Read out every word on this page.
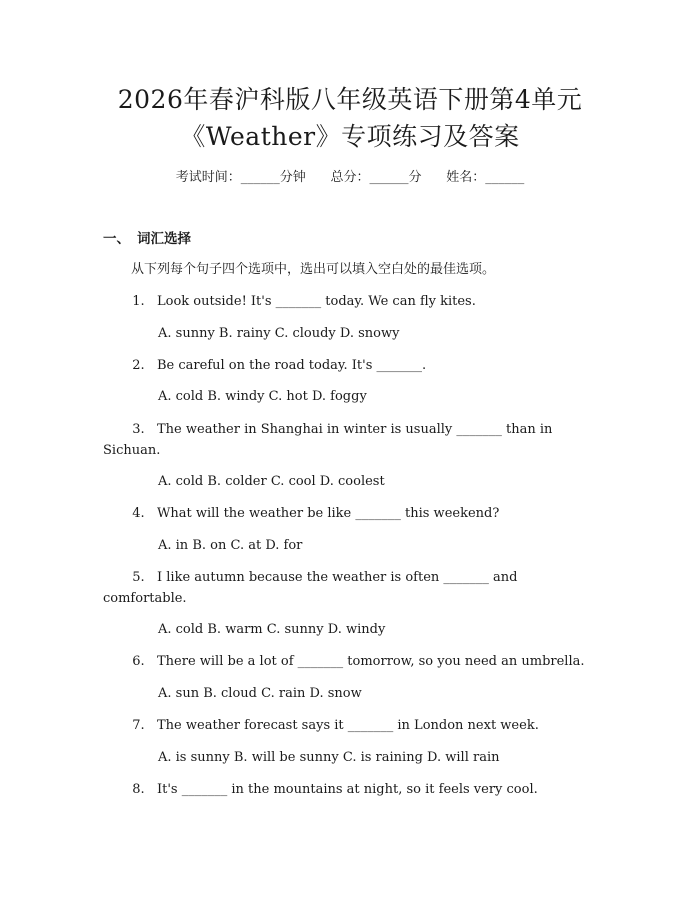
2026年春沪科版八年级英语下册第4单元
《Weather》专项练习及答案
考试时间：______分钟      总分：______分      姓名：______
一、 词汇选择
从下列每个句子四个选项中，选出可以填入空白处的最佳选项。
1.   Look outside! It's _______ today. We can fly kites.
A. sunny B. rainy C. cloudy D. snowy
2.   Be careful on the road today. It's _______.
A. cold B. windy C. hot D. foggy
3.   The weather in Shanghai in winter is usually _______ than in Sichuan.
A. cold B. colder C. cool D. coolest
4.   What will the weather be like _______ this weekend?
A. in B. on C. at D. for
5.   I like autumn because the weather is often _______ and comfortable.
A. cold B. warm C. sunny D. windy
6.   There will be a lot of _______ tomorrow, so you need an umbrella.
A. sun B. cloud C. rain D. snow
7.   The weather forecast says it _______ in London next week.
A. is sunny B. will be sunny C. is raining D. will rain
8.   It's _______ in the mountains at night, so it feels very cool.
